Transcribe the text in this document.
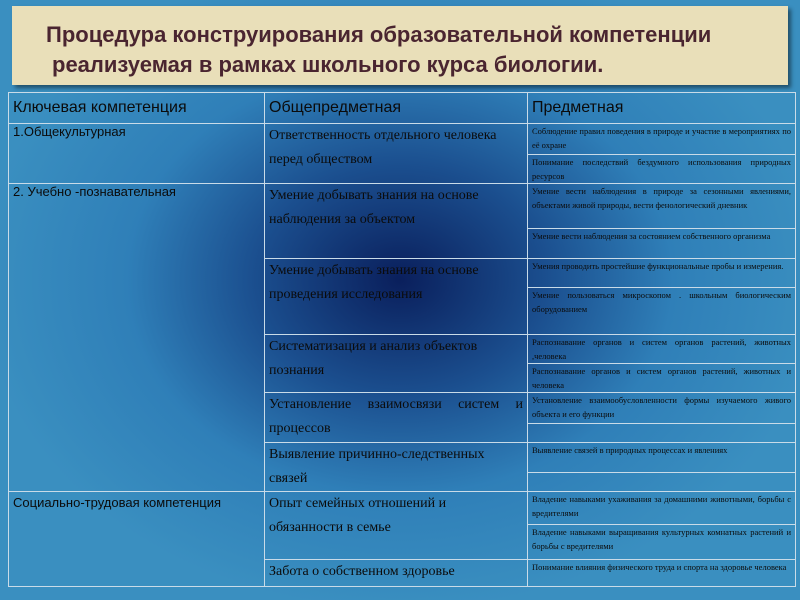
Процедура конструирования образовательной компетенции
реализуемая в рамках школьного курса биологии.
Ключевая компетенция	Общепредметная	Предметная
1.Общекультурная	Ответственность отдельного человека перед обществом	Соблюдение правил поведения в природе и участие в мероприятиях по её охране
		Понимание последствий бездумного использования природных ресурсов
2. Учебно -познавательная	Умение добывать знания на основе наблюдения за объектом	Умение вести наблюдения в природе за сезонными явлениями, объектами живой природы, вести фенологический дневник
		Умение вести наблюдения за состоянием собственного организма
	Умение добывать знания на основе проведения исследования	Умения проводить простейшие функциональные пробы и измерения.
		Умение пользоваться микроскопом . школьным биологическим оборудованием
	Систематизация и анализ объектов познания	Распознавание органов и систем органов растений, животных ,человека
		Распознавание органов и систем органов растений, животных и человека
	Установление взаимосвязи систем и процессов	Установление взаимообусловленности формы изучаемого живого объекта и его функции

	Выявление причинно-следственных связей	Выявление связей в природных процессах и явлениях

Социально-трудовая компетенция	Опыт семейных отношений и обязанности в семье	Владение навыками ухаживания за домашними животными, борьбы с вредителями
		Владение навыками выращивания культурных комнатных растений и борьбы с вредителями
	Забота о собственном здоровье	Понимание влияния физического труда и спорта на здоровье человека
